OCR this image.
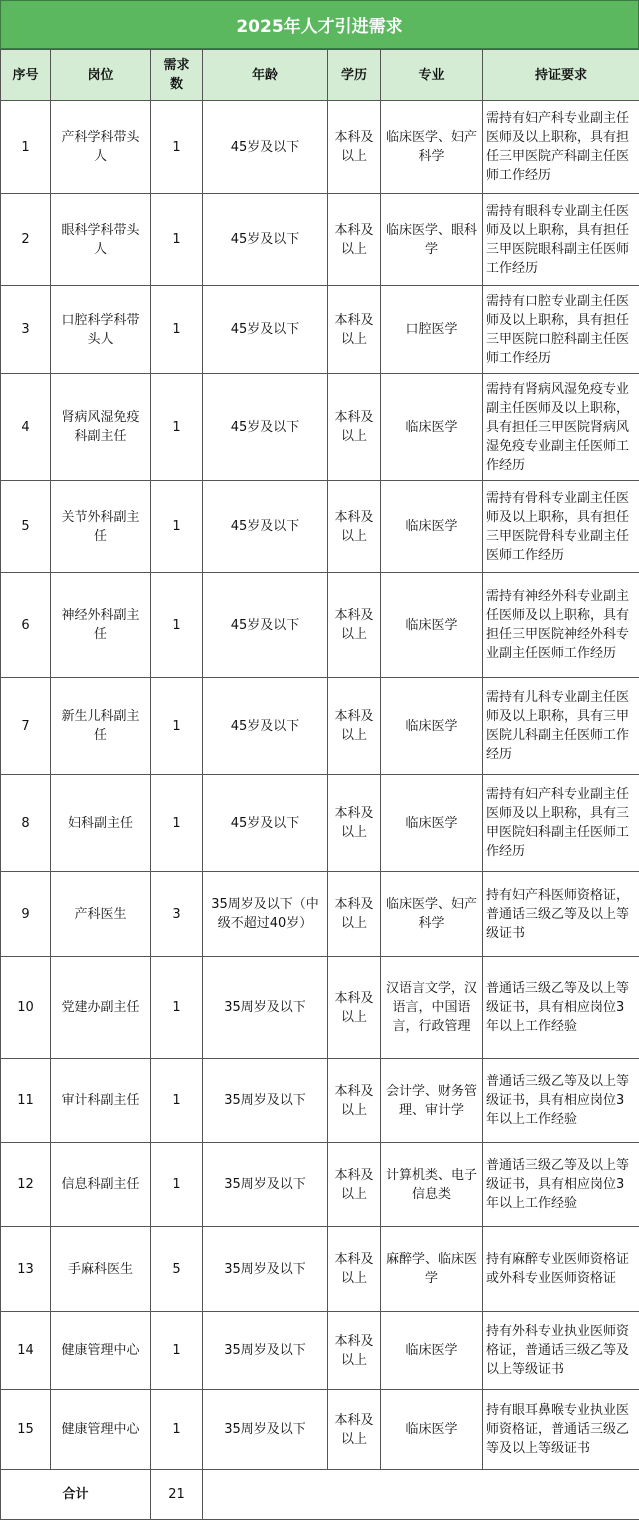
2025年人才引进需求
序号	岗位	需求数	年龄	学历	专业	持证要求
1	产科学科带头人	1	45岁及以下	本科及以上	临床医学、妇产科学	需持有妇产科专业副主任医师及以上职称，具有担任三甲医院产科副主任医师工作经历
2	眼科学科带头人	1	45岁及以下	本科及以上	临床医学、眼科学	需持有眼科专业副主任医师及以上职称，具有担任三甲医院眼科副主任医师工作经历
3	口腔科学科带头人	1	45岁及以下	本科及以上	口腔医学	需持有口腔专业副主任医师及以上职称，具有担任三甲医院口腔科副主任医师工作经历
4	肾病风湿免疫科副主任	1	45岁及以下	本科及以上	临床医学	需持有肾病风湿免疫专业副主任医师及以上职称，具有担任三甲医院肾病风湿免疫专业副主任医师工作经历
5	关节外科副主任	1	45岁及以下	本科及以上	临床医学	需持有骨科专业副主任医师及以上职称，具有担任三甲医院骨科专业副主任医师工作经历
6	神经外科副主任	1	45岁及以下	本科及以上	临床医学	需持有神经外科专业副主任医师及以上职称，具有担任三甲医院神经外科专业副主任医师工作经历
7	新生儿科副主任	1	45岁及以下	本科及以上	临床医学	需持有儿科专业副主任医师及以上职称，具有三甲医院儿科副主任医师工作经历
8	妇科副主任	1	45岁及以下	本科及以上	临床医学	需持有妇产科专业副主任医师及以上职称，具有三甲医院妇科副主任医师工作经历
9	产科医生	3	35周岁及以下（中级不超过40岁）	本科及以上	临床医学、妇产科学	持有妇产科医师资格证，普通话三级乙等及以上等级证书
10	党建办副主任	1	35周岁及以下	本科及以上	汉语言文学，汉语言，中国语言，行政管理	普通话三级乙等及以上等级证书，具有相应岗位3年以上工作经验
11	审计科副主任	1	35周岁及以下	本科及以上	会计学、财务管理、审计学	普通话三级乙等及以上等级证书，具有相应岗位3年以上工作经验
12	信息科副主任	1	35周岁及以下	本科及以上	计算机类、电子信息类	普通话三级乙等及以上等级证书，具有相应岗位3年以上工作经验
13	手麻科医生	5	35周岁及以下	本科及以上	麻醉学、临床医学	持有麻醉专业医师资格证或外科专业医师资格证
14	健康管理中心	1	35周岁及以下	本科及以上	临床医学	持有外科专业执业医师资格证，普通话三级乙等及以上等级证书
15	健康管理中心	1	35周岁及以下	本科及以上	临床医学	持有眼耳鼻喉专业执业医师资格证，普通话三级乙等及以上等级证书
合计		21				
